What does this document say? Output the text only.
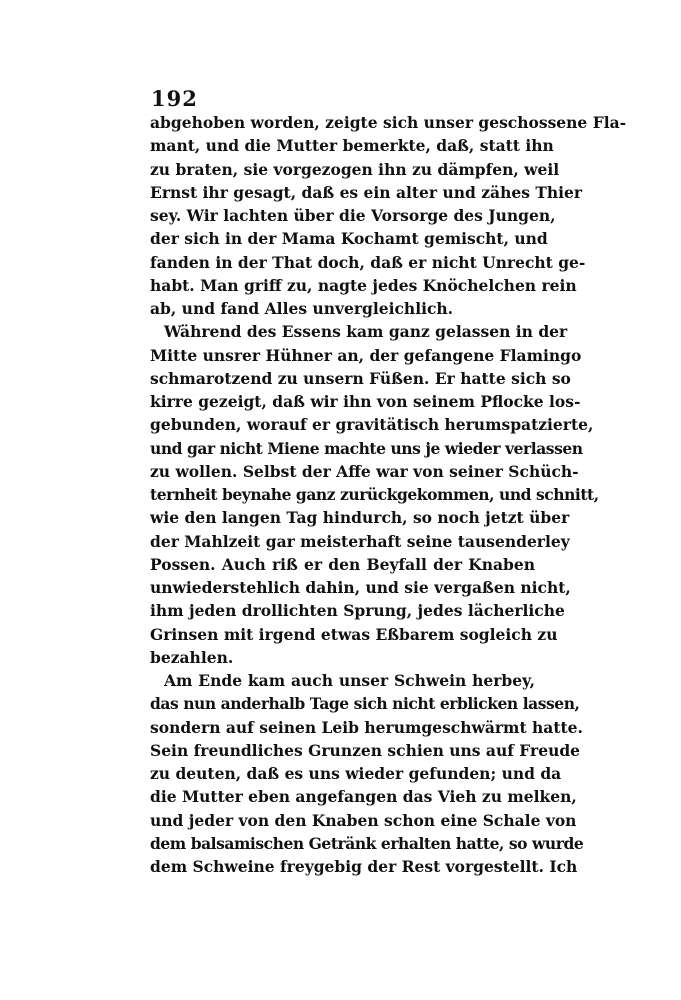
192
abgehoben worden, zeigte sich unser geschossene Fla-
mant, und die Mutter bemerkte, daß, statt ihn
zu braten, sie vorgezogen ihn zu dämpfen, weil
Ernst ihr gesagt, daß es ein alter und zähes Thier
sey. Wir lachten über die Vorsorge des Jungen,
der sich in der Mama Kochamt gemischt, und
fanden in der That doch, daß er nicht Unrecht ge-
habt. Man griff zu, nagte jedes Knöchelchen rein
ab, und fand Alles unvergleichlich.
Während des Essens kam ganz gelassen in der
Mitte unsrer Hühner an, der gefangene Flamingo
schmarotzend zu unsern Füßen. Er hatte sich so
kirre gezeigt, daß wir ihn von seinem Pflocke los-
gebunden, worauf er gravitätisch herumspatzierte,
und gar nicht Miene machte uns je wieder verlassen
zu wollen. Selbst der Affe war von seiner Schüch-
ternheit beynahe ganz zurückgekommen, und schnitt,
wie den langen Tag hindurch, so noch jetzt über
der Mahlzeit gar meisterhaft seine tausenderley
Possen. Auch riß er den Beyfall der Knaben
unwiederstehlich dahin, und sie vergaßen nicht,
ihm jeden drollichten Sprung, jedes lächerliche
Grinsen mit irgend etwas Eßbarem sogleich zu
bezahlen.
Am Ende kam auch unser Schwein herbey,
das nun anderhalb Tage sich nicht erblicken lassen,
sondern auf seinen Leib herumgeschwärmt hatte.
Sein freundliches Grunzen schien uns auf Freude
zu deuten, daß es uns wieder gefunden; und da
die Mutter eben angefangen das Vieh zu melken,
und jeder von den Knaben schon eine Schale von
dem balsamischen Getränk erhalten hatte, so wurde
dem Schweine freygebig der Rest vorgestellt. Ich
